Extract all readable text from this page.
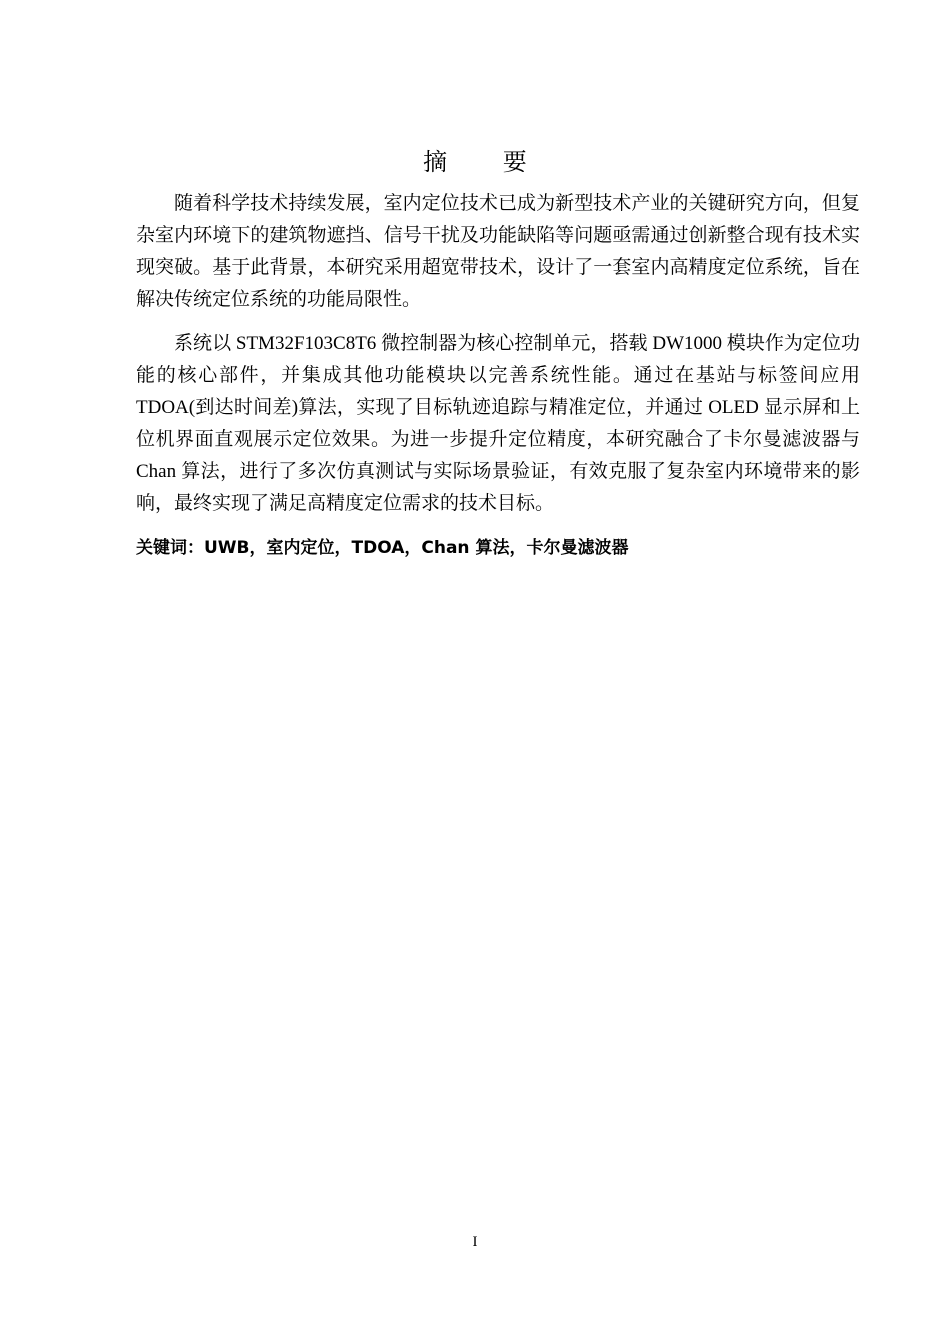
摘 要

随着科学技术持续发展，室内定位技术已成为新型技术产业的关键研究方向，但复杂室内环境下的建筑物遮挡、信号干扰及功能缺陷等问题亟需通过创新整合现有技术实现突破。基于此背景，本研究采用超宽带技术，设计了一套室内高精度定位系统，旨在解决传统定位系统的功能局限性。

系统以 STM32F103C8T6 微控制器为核心控制单元，搭载 DW1000 模块作为定位功能的核心部件，并集成其他功能模块以完善系统性能。通过在基站与标签间应用 TDOA(到达时间差)算法，实现了目标轨迹追踪与精准定位，并通过 OLED 显示屏和上位机界面直观展示定位效果。为进一步提升定位精度，本研究融合了卡尔曼滤波器与 Chan 算法，进行了多次仿真测试与实际场景验证，有效克服了复杂室内环境带来的影响，最终实现了满足高精度定位需求的技术目标。

关键词：UWB，室内定位，TDOA，Chan 算法，卡尔曼滤波器

I
